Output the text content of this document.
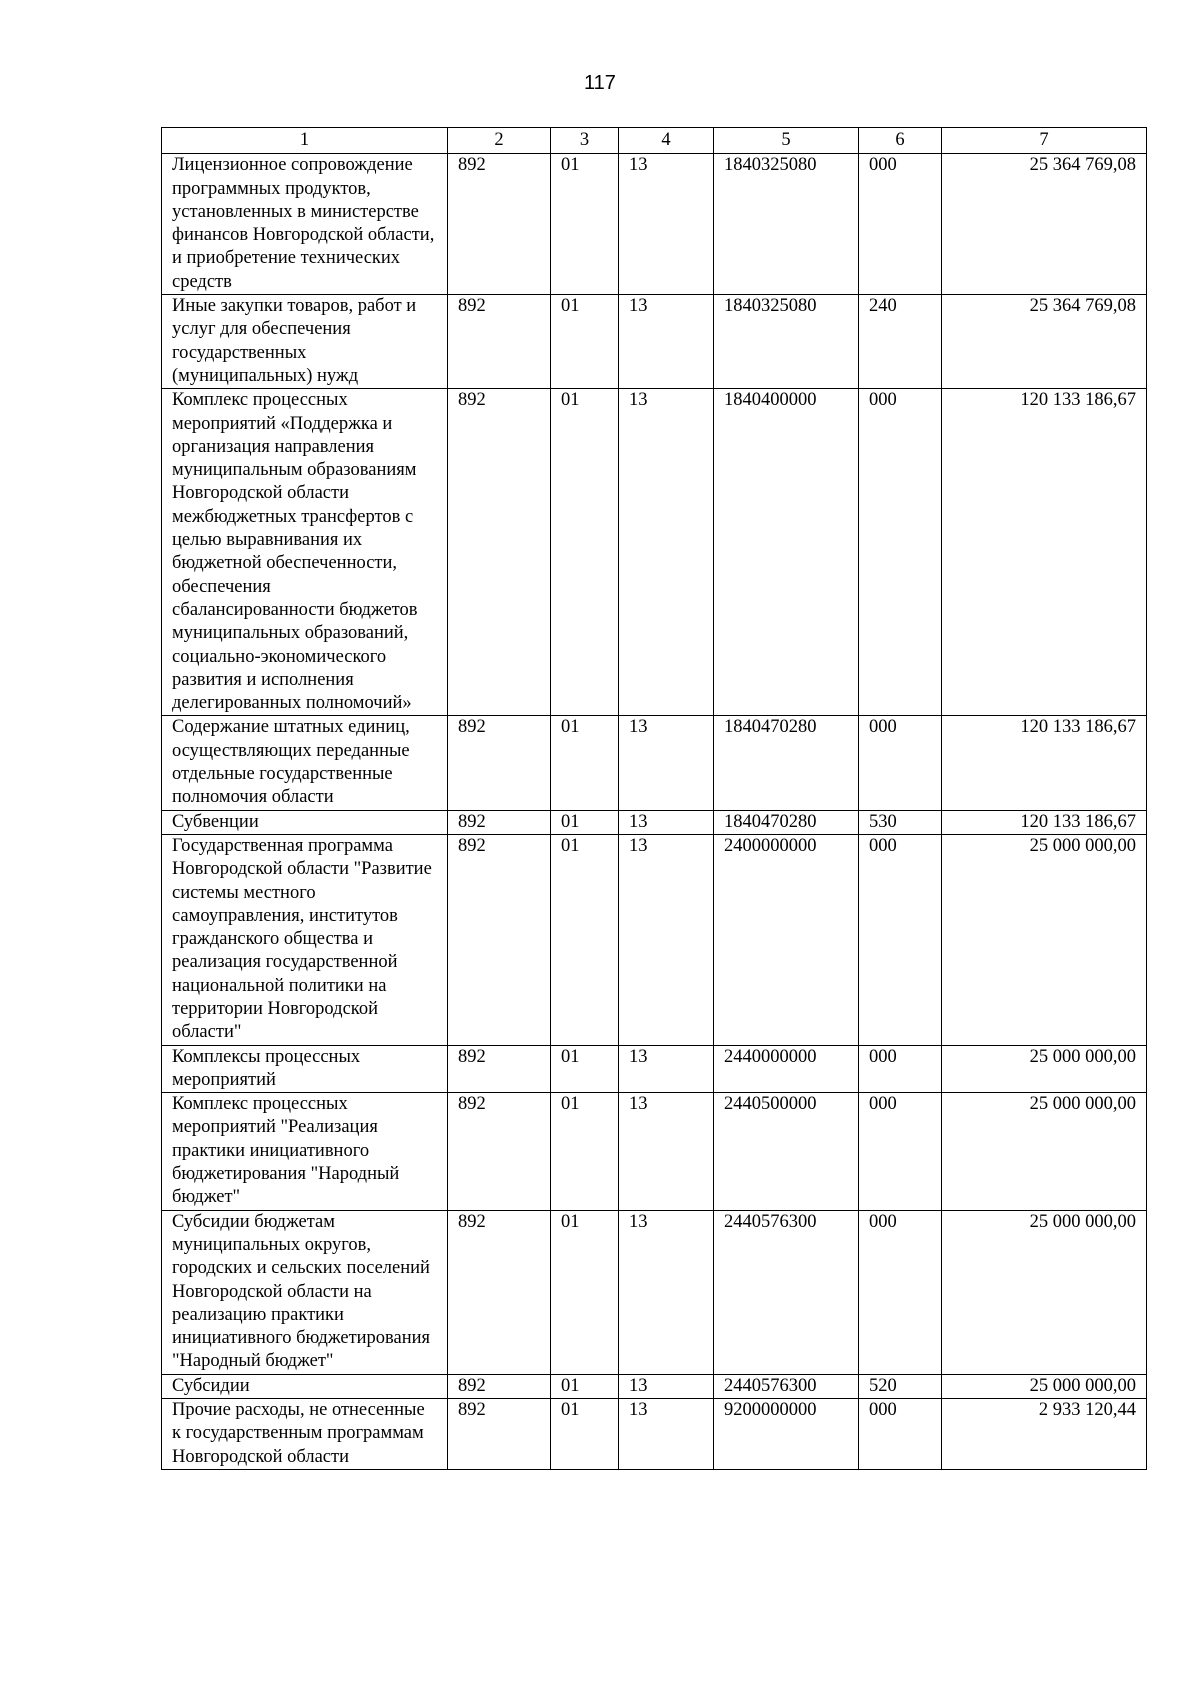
117
1	2	3	4	5	6	7
Лицензионное сопровождение программных продуктов, установленных в министерстве финансов Новгородской области, и приобретение технических средств	892	01	13	1840325080	000	25 364 769,08
Иные закупки товаров, работ и услуг для обеспечения государственных (муниципальных) нужд	892	01	13	1840325080	240	25 364 769,08
Комплекс процессных мероприятий «Поддержка и организация направления муниципальным образованиям Новгородской области межбюджетных трансфертов с целью выравнивания их бюджетной обеспеченности, обеспечения сбалансированности бюджетов муниципальных образований, социально-экономического развития и исполнения делегированных полномочий»	892	01	13	1840400000	000	120 133 186,67
Содержание штатных единиц, осуществляющих переданные отдельные государственные полномочия области	892	01	13	1840470280	000	120 133 186,67
Субвенции	892	01	13	1840470280	530	120 133 186,67
Государственная программа Новгородской области "Развитие системы местного самоуправления, институтов гражданского общества и реализация государственной национальной политики на территории Новгородской области"	892	01	13	2400000000	000	25 000 000,00
Комплексы процессных мероприятий	892	01	13	2440000000	000	25 000 000,00
Комплекс процессных мероприятий "Реализация практики инициативного бюджетирования "Народный бюджет"	892	01	13	2440500000	000	25 000 000,00
Субсидии бюджетам муниципальных округов, городских и сельских поселений Новгородской области на реализацию практики инициативного бюджетирования "Народный бюджет"	892	01	13	2440576300	000	25 000 000,00
Субсидии	892	01	13	2440576300	520	25 000 000,00
Прочие расходы, не отнесенные к государственным программам Новгородской области	892	01	13	9200000000	000	2 933 120,44
